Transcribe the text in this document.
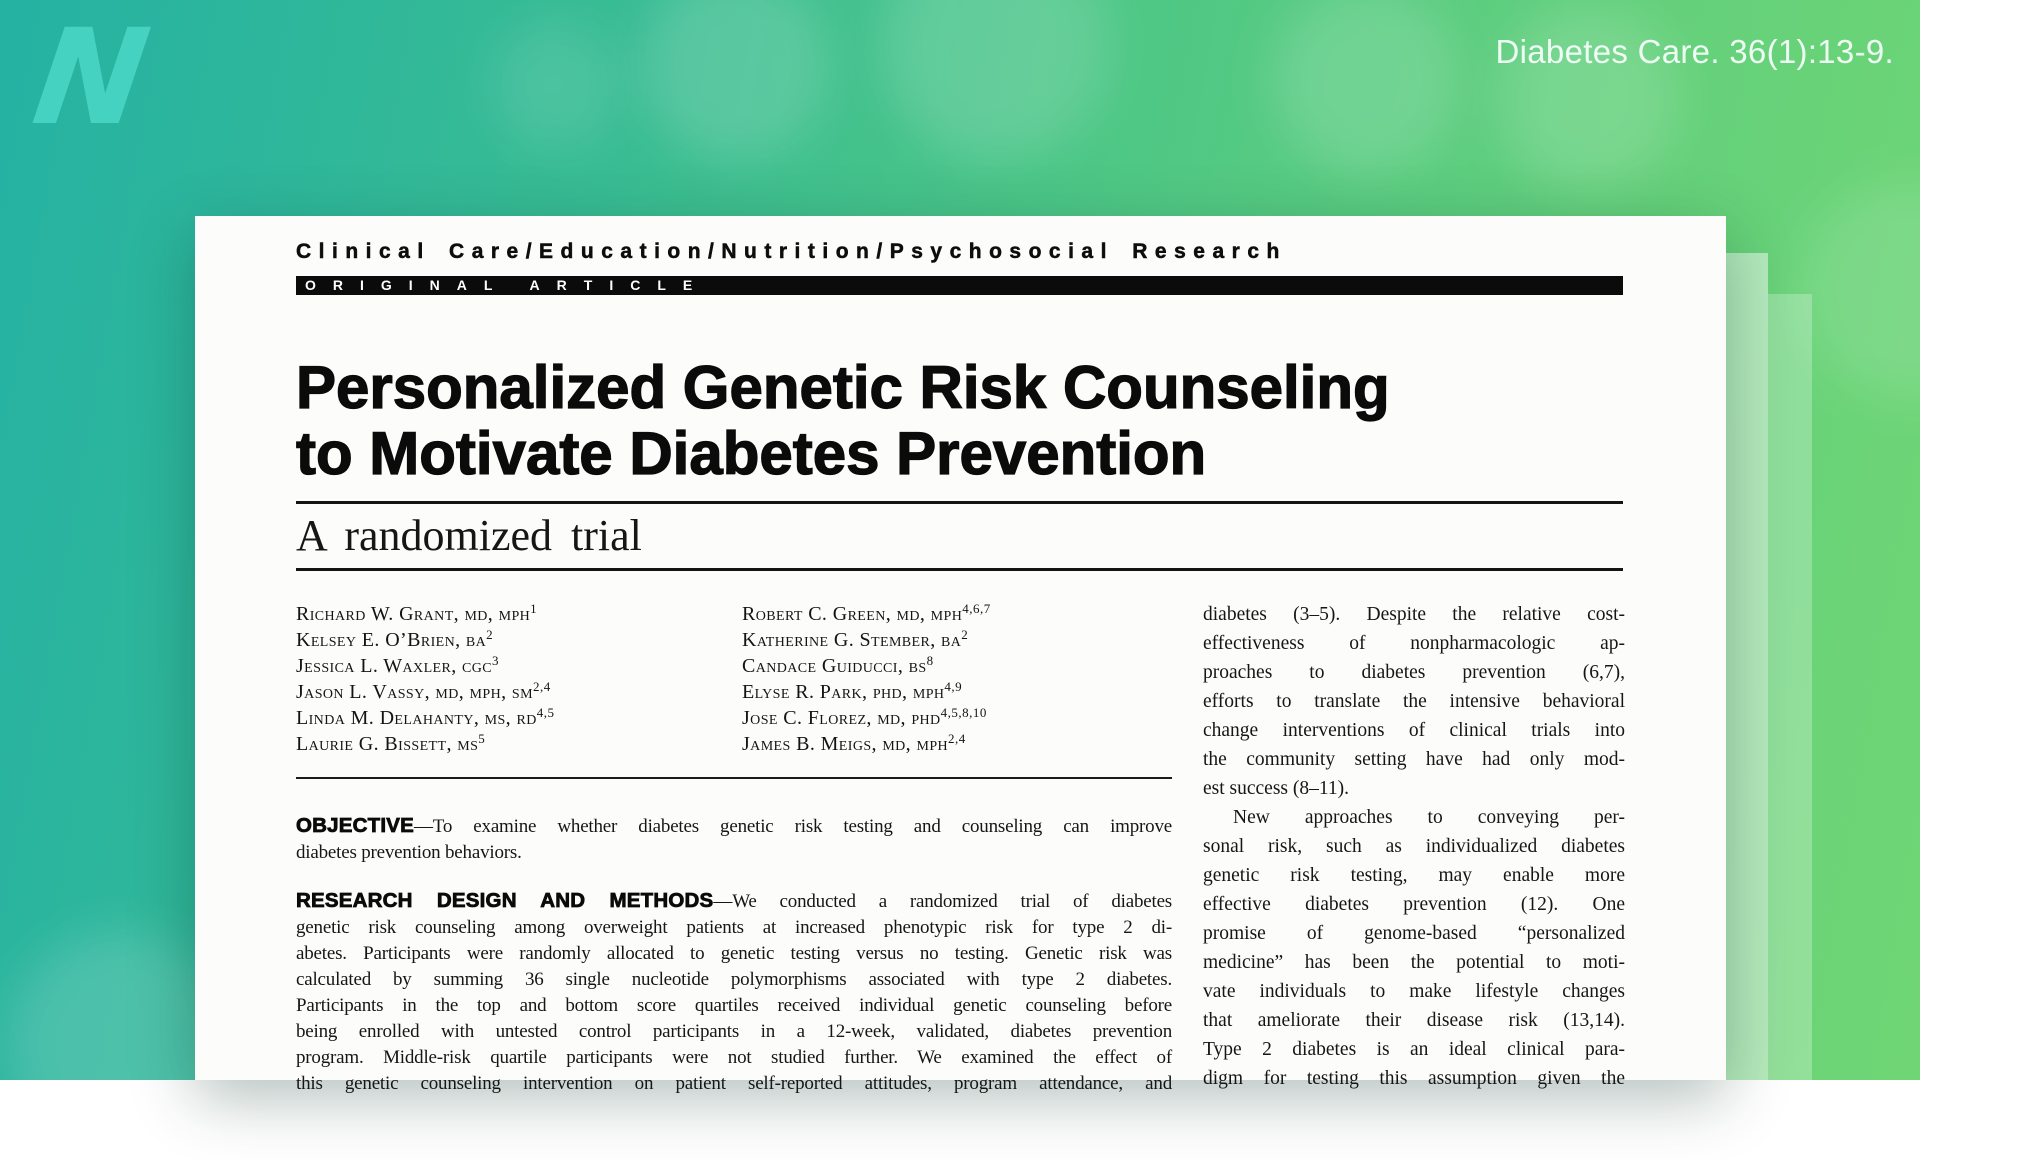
N	Diabetes Care. 36(1):13-9.
Clinical Care/Education/Nutrition/Psychosocial Research
ORIGINAL ARTICLE
Personalized Genetic Risk Counseling
to Motivate Diabetes Prevention
A randomized trial
Richard W. Grant, md, mph$^1$
Kelsey E. O’Brien, $ba^2$
Jessica L. Waxler, cgc$^3$
Jason L. Vassy, md, mph, sm$^{2,4}$
Linda M. Delahanty, ms, rd$^{4,5}$
Laurie G. Bissett, $ms^5$
Robert C. Green, md, mph$^{4,6,7}$
Katherine G. Stember, $ba^2$
Candace Guiducci, $bs^8$
Elyse R. Park, phd, mph$^{4,9}$
Jose C. Florez, md, phd$^{4,5,8,10}$
James B. Meigs, md, mph$^{2,4}$
OBJECTIVE—To examine whether diabetes genetic risk testing and counseling can improve
diabetes prevention behaviors.
RESEARCH DESIGN AND METHODS—We conducted a randomized trial of diabetes
genetic risk counseling among overweight patients at increased phenotypic risk for type 2 di-
abetes. Participants were randomly allocated to genetic testing versus no testing. Genetic risk was
calculated by summing 36 single nucleotide polymorphisms associated with type 2 diabetes.
Participants in the top and bottom score quartiles received individual genetic counseling before
being enrolled with untested control participants in a 12-week, validated, diabetes prevention
program. Middle-risk quartile participants were not studied further. We examined the effect of
this genetic counseling intervention on patient self-reported attitudes, program attendance, and
diabetes (3–5). Despite the relative cost-
effectiveness of nonpharmacologic ap-
proaches to diabetes prevention (6,7),
efforts to translate the intensive behavioral
change interventions of clinical trials into
the community setting have had only mod-
est success (8–11).
New approaches to conveying per-
sonal risk, such as individualized diabetes
genetic risk testing, may enable more
effective diabetes prevention (12). One
promise of genome-based “personalized
medicine” has been the potential to moti-
vate individuals to make lifestyle changes
that ameliorate their disease risk (13,14).
Type 2 diabetes is an ideal clinical para-
digm for testing this assumption given the
